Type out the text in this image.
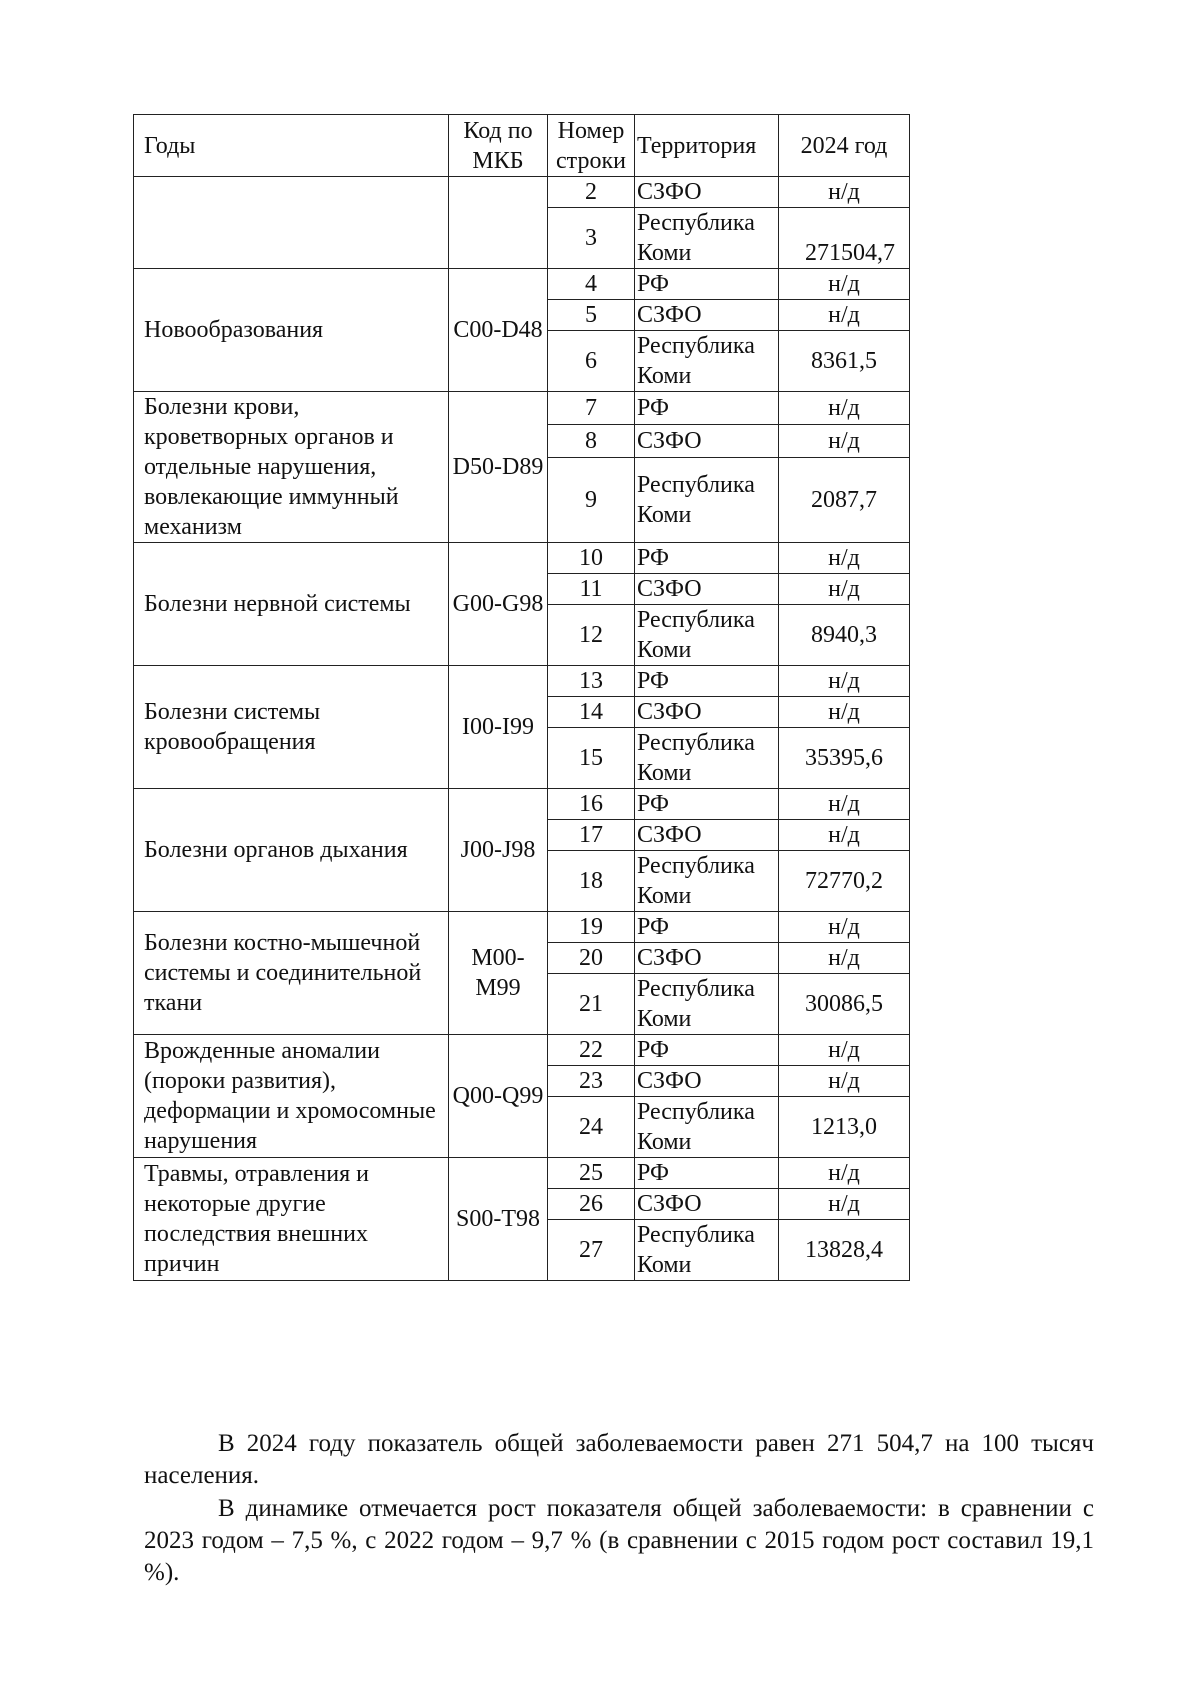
Годы	Код по МКБ	Номер строки	Территория	2024 год
		2	СЗФО	н/д
		3	Республика Коми	271504,7
Новообразования	C00-D48	4	РФ	н/д
		5	СЗФО	н/д
		6	Республика Коми	8361,5
Болезни крови, кроветворных органов и отдельные нарушения, вовлекающие иммунный механизм	D50-D89	7	РФ	н/д
		8	СЗФО	н/д
		9	Республика Коми	2087,7
Болезни нервной системы	G00-G98	10	РФ	н/д
		11	СЗФО	н/д
		12	Республика Коми	8940,3
Болезни системы кровообращения	I00-I99	13	РФ	н/д
		14	СЗФО	н/д
		15	Республика Коми	35395,6
Болезни органов дыхания	J00-J98	16	РФ	н/д
		17	СЗФО	н/д
		18	Республика Коми	72770,2
Болезни костно-мышечной системы и соединительной ткани	M00-M99	19	РФ	н/д
		20	СЗФО	н/д
		21	Республика Коми	30086,5
Врожденные аномалии (пороки развития), деформации и хромосомные нарушения	Q00-Q99	22	РФ	н/д
		23	СЗФО	н/д
		24	Республика Коми	1213,0
Травмы, отравления и некоторые другие последствия внешних причин	S00-T98	25	РФ	н/д
		26	СЗФО	н/д
		27	Республика Коми	13828,4

В 2024 году показатель общей заболеваемости равен 271 504,7 на 100 тысяч населения.

В динамике отмечается рост показателя общей заболеваемости: в сравнении с 2023 годом – 7,5 %, с 2022 годом – 9,7 % (в сравнении с 2015 годом рост составил 19,1 %).
